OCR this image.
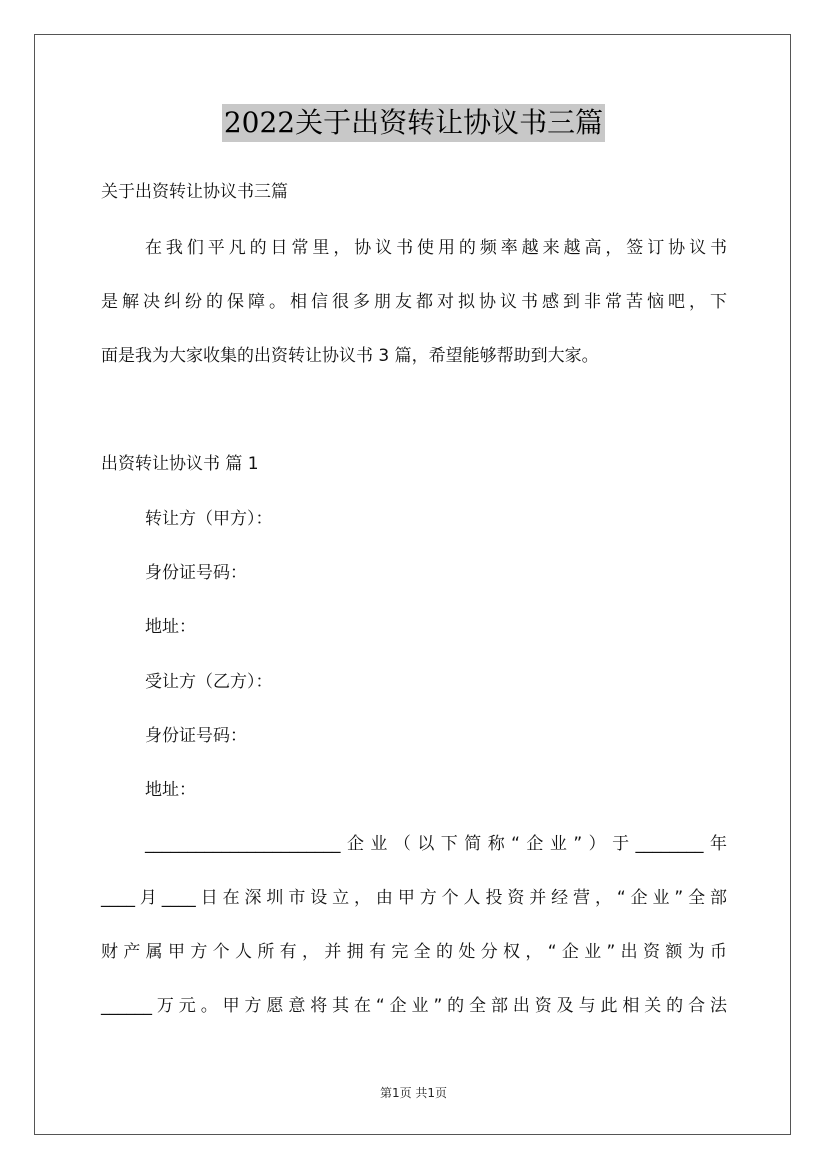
2022关于出资转让协议书三篇
关于出资转让协议书三篇
在我们平凡的日常里，协议书使用的频率越来越高，签订协议书
是解决纠纷的保障。相信很多朋友都对拟协议书感到非常苦恼吧，下
面是我为大家收集的出资转让协议书 3 篇，希望能够帮助到大家。
出资转让协议书 篇 1
转让方（甲方）：
身份证号码：
地址：
受让方（乙方）：
身份证号码：
地址：
_______________________企业（以下简称“企业”）于________年
____月____日在深圳市设立，由甲方个人投资并经营，“企业”全部
财产属甲方个人所有，并拥有完全的处分权，“企业”出资额为币
______万元。甲方愿意将其在“企业”的全部出资及与此相关的合法
第1页 共1页
